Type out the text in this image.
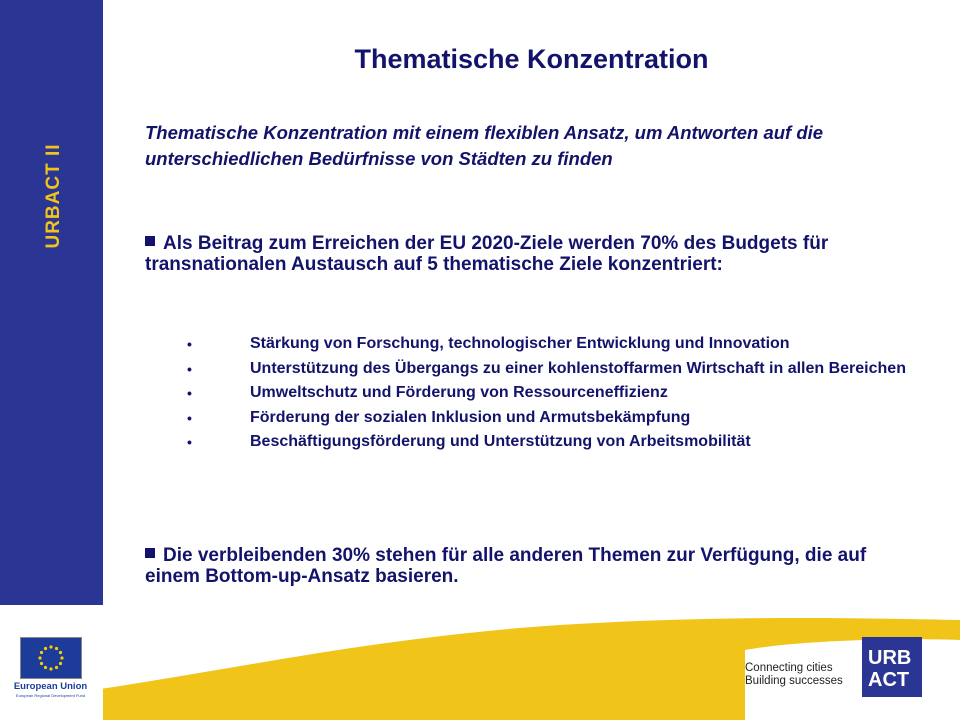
URBACT II
Thematische Konzentration
Thematische Konzentration mit einem flexiblen Ansatz, um Antworten auf die unterschiedlichen Bedürfnisse von Städten zu finden
Als Beitrag zum Erreichen der EU 2020-Ziele werden 70% des Budgets für transnationalen Austausch auf 5 thematische Ziele konzentriert:
•	Stärkung von Forschung, technologischer Entwicklung und Innovation
•	Unterstützung des Übergangs zu einer kohlenstoffarmen Wirtschaft in allen Bereichen
•	Umweltschutz und Förderung von Ressourceneffizienz
•	Förderung der sozialen Inklusion und Armutsbekämpfung
•	Beschäftigungsförderung und Unterstützung von Arbeitsmobilität
Die verbleibenden 30% stehen für alle anderen Themen zur Verfügung, die auf einem Bottom-up-Ansatz basieren.
European Union
European Regional Development Fund
Connecting cities
Building successes
URB
ACT
